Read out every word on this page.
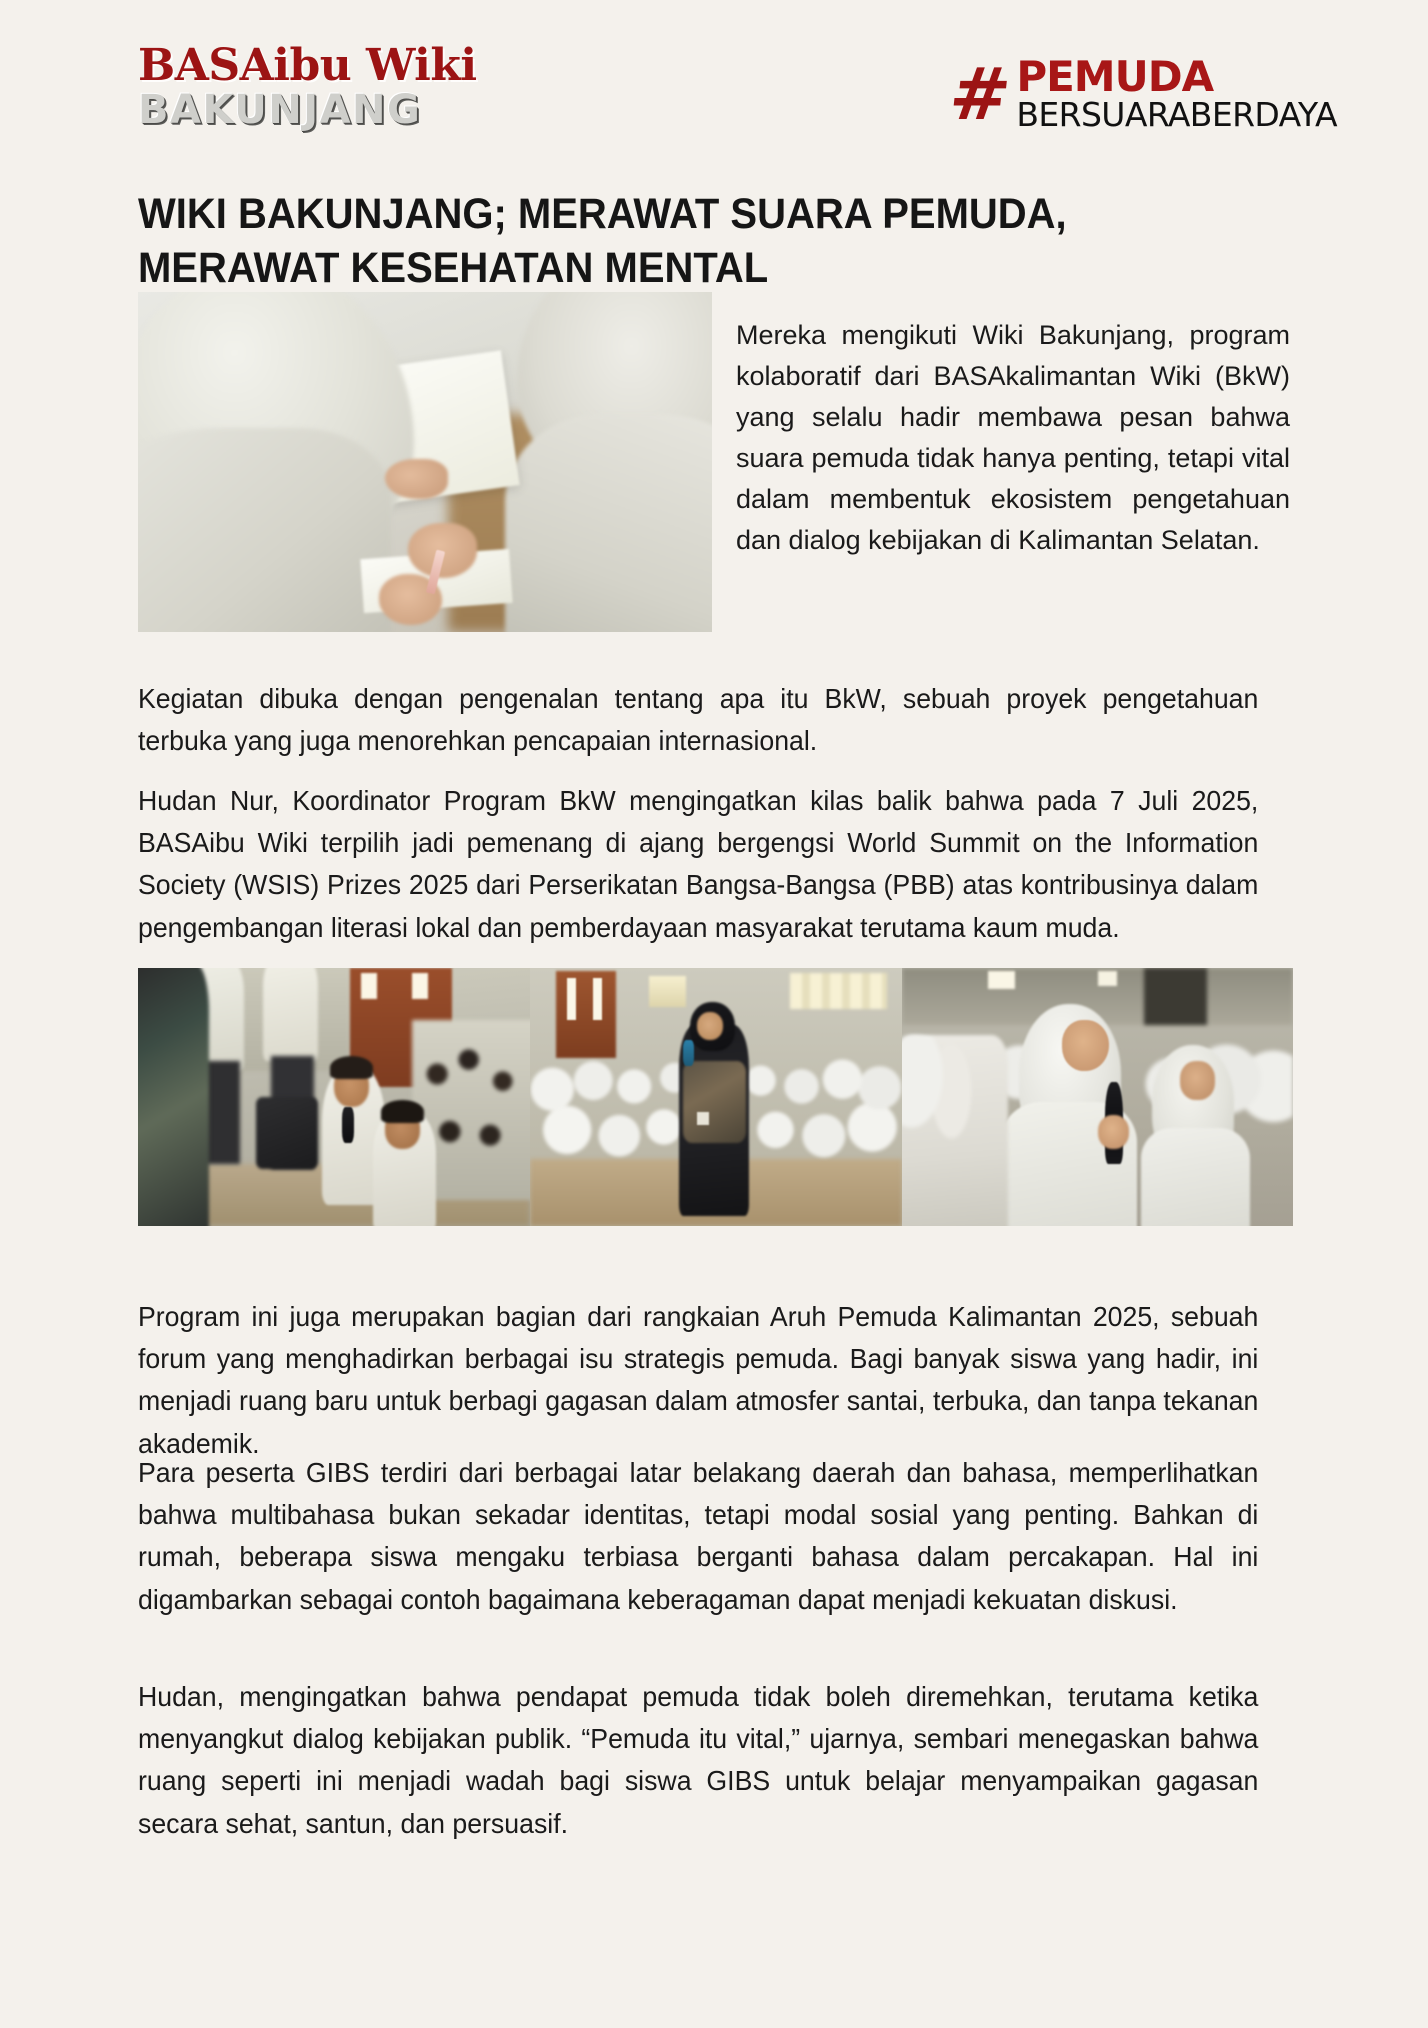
BASAibu Wiki
BAKUNJANG	# PEMUDA
BERSUARABERDAYA
WIKI BAKUNJANG; MERAWAT SUARA PEMUDA, MERAWAT KESEHATAN MENTAL

Mereka mengikuti Wiki Bakunjang, program kolaboratif dari BASAkalimantan Wiki (BkW) yang selalu hadir membawa pesan bahwa suara pemuda tidak hanya penting, tetapi vital dalam membentuk ekosistem pengetahuan dan dialog kebijakan di Kalimantan Selatan.

Kegiatan dibuka dengan pengenalan tentang apa itu BkW, sebuah proyek pengetahuan terbuka yang juga menorehkan pencapaian internasional.

Hudan Nur, Koordinator Program BkW mengingatkan kilas balik bahwa pada 7 Juli 2025, BASAibu Wiki terpilih jadi pemenang di ajang bergengsi World Summit on the Information Society (WSIS) Prizes 2025 dari Perserikatan Bangsa-Bangsa (PBB) atas kontribusinya dalam pengembangan literasi lokal dan pemberdayaan masyarakat terutama kaum muda.

Program ini juga merupakan bagian dari rangkaian Aruh Pemuda Kalimantan 2025, sebuah forum yang menghadirkan berbagai isu strategis pemuda. Bagi banyak siswa yang hadir, ini menjadi ruang baru untuk berbagi gagasan dalam atmosfer santai, terbuka, dan tanpa tekanan akademik.

Para peserta GIBS terdiri dari berbagai latar belakang daerah dan bahasa, memperlihatkan bahwa multibahasa bukan sekadar identitas, tetapi modal sosial yang penting. Bahkan di rumah, beberapa siswa mengaku terbiasa berganti bahasa dalam percakapan. Hal ini digambarkan sebagai contoh bagaimana keberagaman dapat menjadi kekuatan diskusi.

Hudan, mengingatkan bahwa pendapat pemuda tidak boleh diremehkan, terutama ketika menyangkut dialog kebijakan publik. “Pemuda itu vital,” ujarnya, sembari menegaskan bahwa ruang seperti ini menjadi wadah bagi siswa GIBS untuk belajar menyampaikan gagasan secara sehat, santun, dan persuasif.
